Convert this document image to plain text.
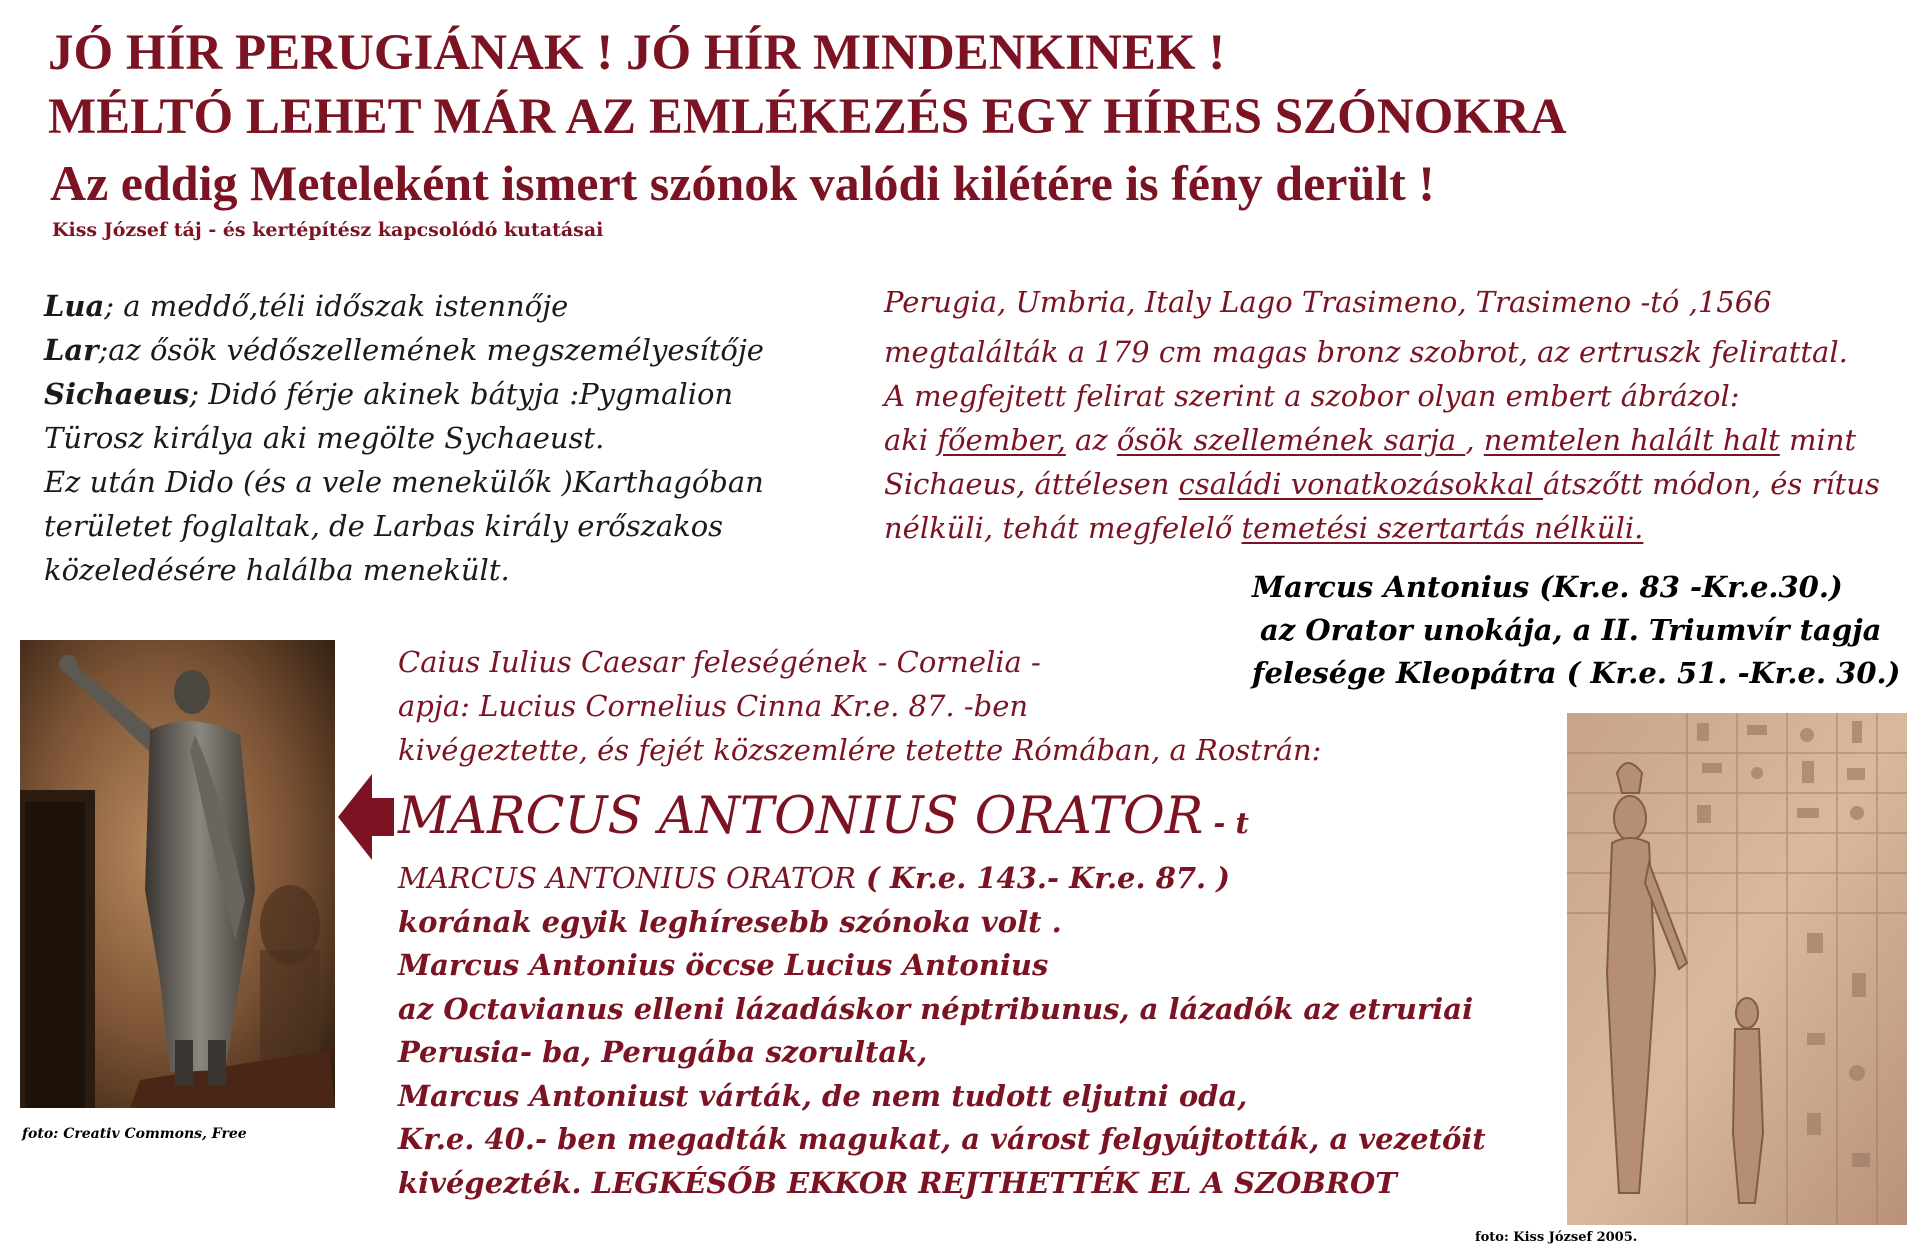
JÓ HÍR PERUGIÁNAK ! JÓ HÍR MINDENKINEK !
MÉLTÓ LEHET MÁR AZ EMLÉKEZÉS EGY HÍRES SZÓNOKRA
Az eddig Meteleként ismert szónok valódi kilétére is fény derült !
Kiss József táj - és kertépítész kapcsolódó kutatásai
Lua; a meddő,téli időszak istennője
Lar;az ősök védőszellemének megszemélyesítője
Sichaeus; Didó férje akinek bátyja :Pygmalion
Türosz királya aki megölte Sychaeust.
Ez után Dido (és a vele menekülők )Karthagóban
területet foglaltak, de Larbas király erőszakos
közeledésére halálba menekült.
Perugia, Umbria, Italy Lago Trasimeno, Trasimeno -tó ,1566
megtalálták a 179 cm magas bronz szobrot, az ertruszk felirattal.
A megfejtett felirat szerint a szobor olyan embert ábrázol:
aki főember, az ősök szellemének sarja , nemtelen halált halt mint
Sichaeus, áttélesen családi vonatkozásokkal átszőtt módon, és rítus
nélküli, tehát megfelelő temetési szertartás nélküli.
Marcus Antonius (Kr.e. 83 -Kr.e.30.)
az Orator unokája, a II. Triumvír tagja
felesége Kleopátra ( Kr.e. 51. -Kr.e. 30.)
foto: Creativ Commons, Free
Caius Iulius Caesar feleségének - Cornelia -
apja: Lucius Cornelius Cinna Kr.e. 87. -ben
kivégeztette, és fejét közszemlére tetette Rómában, a Rostrán:
MARCUS ANTONIUS ORATOR - t
MARCUS ANTONIUS ORATOR ( Kr.e. 143.- Kr.e. 87. )
korának egyik leghíresebb szónoka volt .
Marcus Antonius öccse Lucius Antonius
az Octavianus elleni lázadáskor néptribunus, a lázadók az etruriai
Perusia- ba, Perugába szorultak,
Marcus Antoniust várták, de nem tudott eljutni oda,
Kr.e. 40.- ben megadták magukat, a várost felgyújtották, a vezetőit
kivégezték. LEGKÉSŐB EKKOR REJTHETTÉK EL A SZOBROT
foto: Kiss József 2005.
